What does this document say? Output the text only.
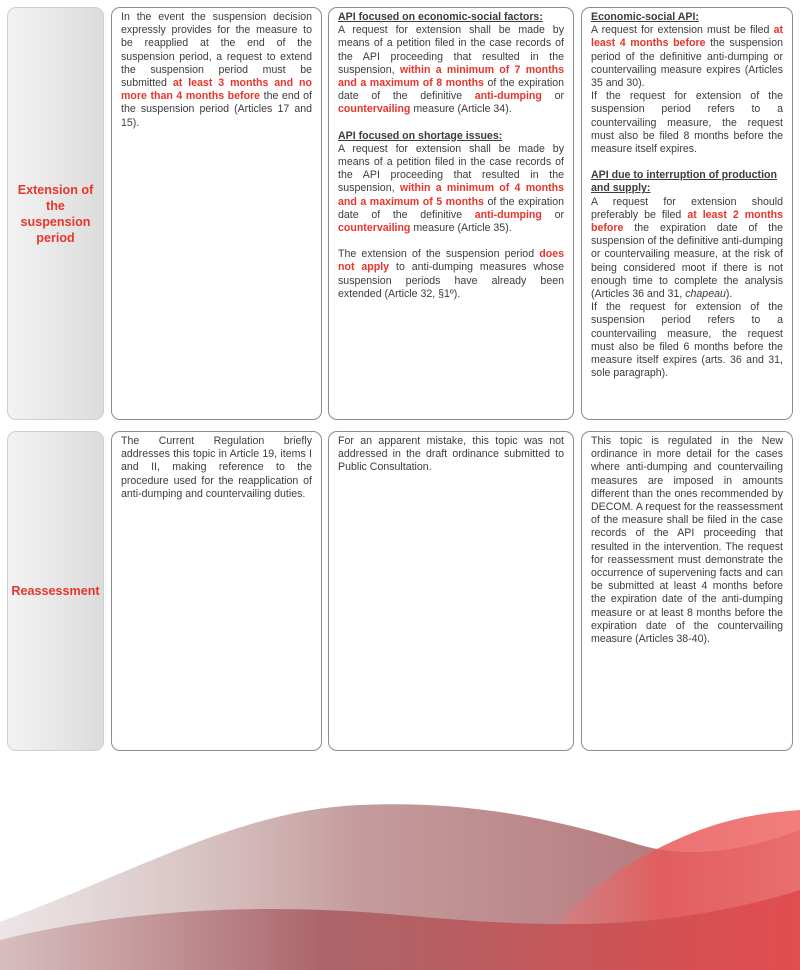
Extension of the suspension period

In the event the suspension decision expressly provides for the measure to be reapplied at the end of the suspension period, a request to extend the suspension period must be submitted at least 3 months and no more than 4 months before the end of the suspension period (Articles 17 and 15).

API focused on economic-social factors:

A request for extension shall be made by means of a petition filed in the case records of the API proceeding that resulted in the suspension, within a minimum of 7 months and a maximum of 8 months of the expiration date of the definitive anti-dumping or countervailing measure (Article 34).

API focused on shortage issues:

A request for extension shall be made by means of a petition filed in the case records of the API proceeding that resulted in the suspension, within a minimum of 4 months and a maximum of 5 months of the expiration date of the definitive anti-dumping or countervailing measure (Article 35).

The extension of the suspension period does not apply to anti-dumping measures whose suspension periods have already been extended (Article 32, §1º).

Economic-social API:

A request for extension must be filed at least 4 months before the suspension period of the definitive anti-dumping or countervailing measure expires (Articles 35 and 30).

If the request for extension of the suspension period refers to a countervailing measure, the request must also be filed 8 months before the measure itself expires.

API due to interruption of production and supply:

A request for extension should preferably be filed at least 2 months before the expiration date of the suspension of the definitive anti-dumping or countervailing measure, at the risk of being considered moot if there is not enough time to complete the analysis (Articles 36 and 31, chapeau).

If the request for extension of the suspension period refers to a countervailing measure, the request must also be filed 6 months before the measure itself expires (arts. 36 and 31, sole paragraph).

Reassessment

The Current Regulation briefly addresses this topic in Article 19, items I and II, making reference to the procedure used for the reapplication of anti-dumping and countervailing duties.

For an apparent mistake, this topic was not addressed in the draft ordinance submitted to Public Consultation.

This topic is regulated in the New ordinance in more detail for the cases where anti-dumping and countervailing measures are imposed in amounts different than the ones recommended by DECOM. A request for the reassessment of the measure shall be filed in the case records of the API proceeding that resulted in the intervention. The request for reassessment must demonstrate the occurrence of supervening facts and can be submitted at least 4 months before the expiration date of the anti-dumping measure or at least 8 months before the expiration date of the countervailing measure (Articles 38-40).
